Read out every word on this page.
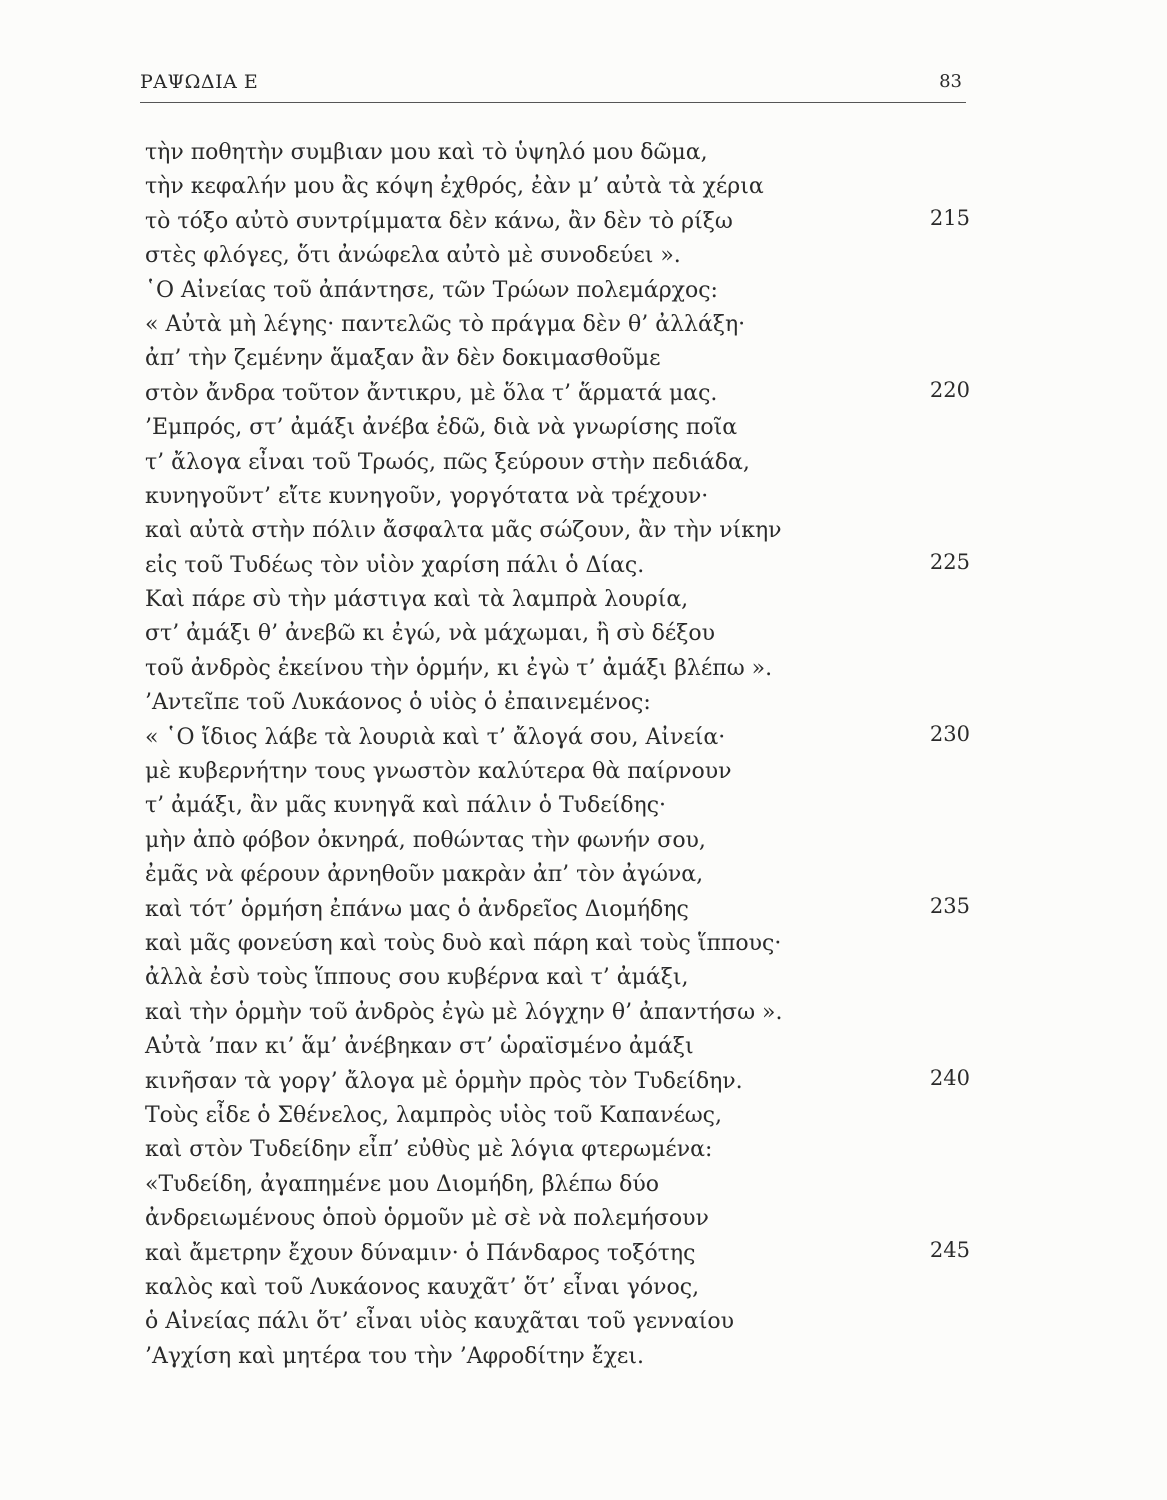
ΡΑΨΩΔΙΑ Ε	83
τὴν ποθητὴν συμβιαν μου καὶ τὸ ὑψηλό μου δῶμα,
τὴν κεφαλήν μου ἂς κόψη ἐχθρός, ἐὰν μ’ αὐτὰ τὰ χέρια
τὸ τόξο αὐτὸ συντρίμματα δὲν κάνω, ἂν δὲν τὸ ρίξω	215
στὲς φλόγες, ὅτι ἀνώφελα αὐτὸ μὲ συνοδεύει ».
῾Ο Αἰνείας τοῦ ἀπάντησε, τῶν Τρώων πολεμάρχος:
« Αὐτὰ μὴ λέγης· παντελῶς τὸ πράγμα δὲν θ’ ἀλλάξη·
ἀπ’ τὴν ζεμένην ἅμαξαν ἂν δὲν δοκιμασθοῦμε
στὸν ἄνδρα τοῦτον ἄντικρυ, μὲ ὅλα τ’ ἅρματά μας.	220
’Εμπρός, στ’ ἀμάξι ἀνέβα ἐδῶ, διὰ νὰ γνωρίσης ποῖα
τ’ ἄλογα εἶναι τοῦ Τρωός, πῶς ξεύρουν στὴν πεδιάδα,
κυνηγοῦντ’ εἴτε κυνηγοῦν, γοργότατα νὰ τρέχουν·
καὶ αὐτὰ στὴν πόλιν ἄσφαλτα μᾶς σώζουν, ἂν τὴν νίκην
εἰς τοῦ Τυδέως τὸν υἱὸν χαρίση πάλι ὁ Δίας.	225
Καὶ πάρε σὺ τὴν μάστιγα καὶ τὰ λαμπρὰ λουρία,
στ’ ἀμάξι θ’ ἀνεβῶ κι ἐγώ, νὰ μάχωμαι, ἢ σὺ δέξου
τοῦ ἀνδρὸς ἐκείνου τὴν ὁρμήν, κι ἐγὼ τ’ ἀμάξι βλέπω ».
’Αντεῖπε τοῦ Λυκάονος ὁ υἱὸς ὁ ἐπαινεμένος:
« ῾Ο ἴδιος λάβε τὰ λουριὰ καὶ τ’ ἄλογά σου, Αἰνεία·	230
μὲ κυβερνήτην τους γνωστὸν καλύτερα θὰ παίρνουν
τ’ ἀμάξι, ἂν μᾶς κυνηγᾶ καὶ πάλιν ὁ Τυδείδης·
μὴν ἀπὸ φόβον ὀκνηρά, ποθώντας τὴν φωνήν σου,
ἐμᾶς νὰ φέρουν ἀρνηθοῦν μακρὰν ἀπ’ τὸν ἀγώνα,
καὶ τότ’ ὁρμήση ἐπάνω μας ὁ ἀνδρεῖος Διομήδης	235
καὶ μᾶς φονεύση καὶ τοὺς δυὸ καὶ πάρη καὶ τοὺς ἵππους·
ἀλλὰ ἐσὺ τοὺς ἵππους σου κυβέρνα καὶ τ’ ἀμάξι,
καὶ τὴν ὁρμὴν τοῦ ἀνδρὸς ἐγὼ μὲ λόγχην θ’ ἀπαντήσω ».
Αὐτὰ ’παν κι’ ἅμ’ ἀνέβηκαν στ’ ὡραϊσμένο ἀμάξι
κινῆσαν τὰ γοργ’ ἄλογα μὲ ὁρμὴν πρὸς τὸν Τυδείδην.	240
Τοὺς εἶδε ὁ Σθένελος, λαμπρὸς υἱὸς τοῦ Καπανέως,
καὶ στὸν Τυδείδην εἶπ’ εὐθὺς μὲ λόγια φτερωμένα:
«Τυδείδη, ἀγαπημένε μου Διομήδη, βλέπω δύο
ἀνδρειωμένους ὁποὺ ὁρμοῦν μὲ σὲ νὰ πολεμήσουν
καὶ ἄμετρην ἔχουν δύναμιν· ὁ Πάνδαρος τοξότης	245
καλὸς καὶ τοῦ Λυκάονος καυχᾶτ’ ὅτ’ εἶναι γόνος,
ὁ Αἰνείας πάλι ὅτ’ εἶναι υἱὸς καυχᾶται τοῦ γενναίου
’Αγχίση καὶ μητέρα του τὴν ’Αφροδίτην ἔχει.
